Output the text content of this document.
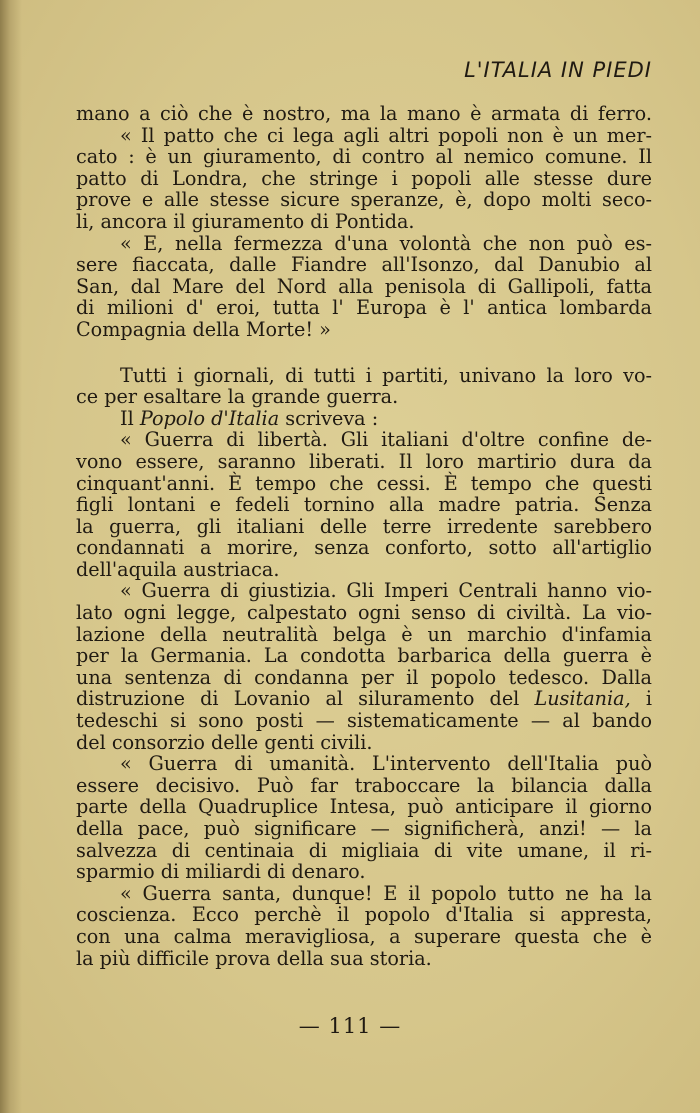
L'ITALIA IN PIEDI
mano a ciò che è nostro, ma la mano è armata di ferro.
« Il patto che ci lega agli altri popoli non è un mer-
cato : è un giuramento, di contro al nemico comune. Il
patto di Londra, che stringe i popoli alle stesse dure
prove e alle stesse sicure speranze, è, dopo molti seco-
li, ancora il giuramento di Pontida.
« E, nella fermezza d'una volontà che non può es-
sere fiaccata, dalle Fiandre all'Isonzo, dal Danubio al
San, dal Mare del Nord alla penisola di Gallipoli, fatta
di milioni d' eroi, tutta l' Europa è l' antica lombarda
Compagnia della Morte! »
Tutti i giornali, di tutti i partiti, univano la loro vo-
ce per esaltare la grande guerra.
Il Popolo d'Italia scriveva :
« Guerra di libertà. Gli italiani d'oltre confine de-
vono essere, saranno liberati. Il loro martirio dura da
cinquant'anni. È tempo che cessi. È tempo che questi
figli lontani e fedeli tornino alla madre patria. Senza
la guerra, gli italiani delle terre irredente sarebbero
condannati a morire, senza conforto, sotto all'artiglio
dell'aquila austriaca.
« Guerra di giustizia. Gli Imperi Centrali hanno vio-
lato ogni legge, calpestato ogni senso di civiltà. La vio-
lazione della neutralità belga è un marchio d'infamia
per la Germania. La condotta barbarica della guerra è
una sentenza di condanna per il popolo tedesco. Dalla
distruzione di Lovanio al siluramento del Lusitania, i
tedeschi si sono posti — sistematicamente — al bando
del consorzio delle genti civili.
« Guerra di umanità. L'intervento dell'Italia può
essere decisivo. Può far traboccare la bilancia dalla
parte della Quadruplice Intesa, può anticipare il giorno
della pace, può significare — significherà, anzi! — la
salvezza di centinaia di migliaia di vite umane, il ri-
sparmio di miliardi di denaro.
« Guerra santa, dunque! E il popolo tutto ne ha la
coscienza. Ecco perchè il popolo d'Italia si appresta,
con una calma meravigliosa, a superare questa che è
la più difficile prova della sua storia.
— 111 —
